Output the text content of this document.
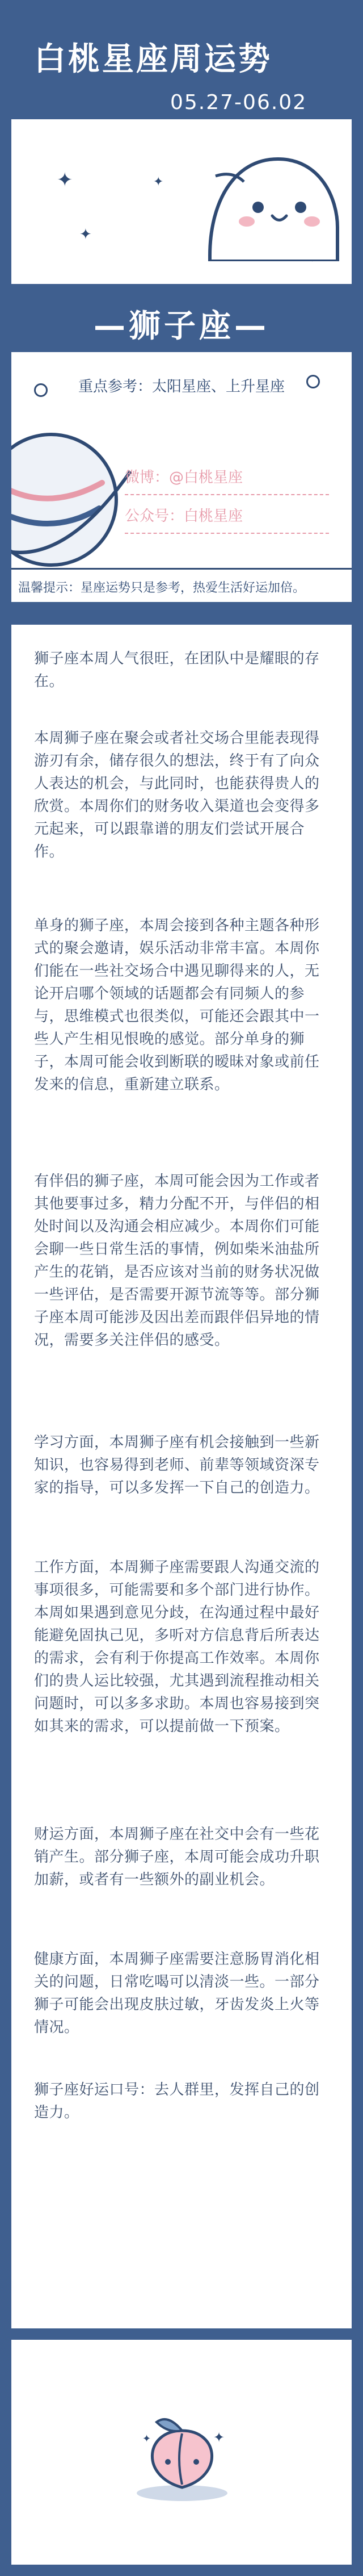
白桃星座周运势
05.27-06.02
✦
✦
✦
—狮子座—
重点参考：太阳星座、上升星座
微博：@白桃星座
公众号：白桃星座
温馨提示：星座运势只是参考，热爱生活好运加倍。
狮子座本周人气很旺，在团队中是耀眼的存在。
本周狮子座在聚会或者社交场合里能表现得游刃有余，储存很久的想法，终于有了向众人表达的机会，与此同时，也能获得贵人的欣赏。本周你们的财务收入渠道也会变得多元起来，可以跟靠谱的朋友们尝试开展合作。
单身的狮子座，本周会接到各种主题各种形式的聚会邀请，娱乐活动非常丰富。本周你们能在一些社交场合中遇见聊得来的人，无论开启哪个领域的话题都会有同频人的参与，思维模式也很类似，可能还会跟其中一些人产生相见恨晚的感觉。部分单身的狮子，本周可能会收到断联的暧昧对象或前任发来的信息，重新建立联系。
有伴侣的狮子座，本周可能会因为工作或者其他要事过多，精力分配不开，与伴侣的相处时间以及沟通会相应减少。本周你们可能会聊一些日常生活的事情，例如柴米油盐所产生的花销，是否应该对当前的财务状况做一些评估，是否需要开源节流等等。部分狮子座本周可能涉及因出差而跟伴侣异地的情况，需要多关注伴侣的感受。
学习方面，本周狮子座有机会接触到一些新知识，也容易得到老师、前辈等领域资深专家的指导，可以多发挥一下自己的创造力。
工作方面，本周狮子座需要跟人沟通交流的事项很多，可能需要和多个部门进行协作。本周如果遇到意见分歧，在沟通过程中最好能避免固执己见，多听对方信息背后所表达的需求，会有利于你提高工作效率。本周你们的贵人运比较强，尤其遇到流程推动相关问题时，可以多多求助。本周也容易接到突如其来的需求，可以提前做一下预案。
财运方面，本周狮子座在社交中会有一些花销产生。部分狮子座，本周可能会成功升职加薪，或者有一些额外的副业机会。
健康方面，本周狮子座需要注意肠胃消化相关的问题，日常吃喝可以清淡一些。一部分狮子可能会出现皮肤过敏，牙齿发炎上火等情况。
狮子座好运口号：去人群里，发挥自己的创造力。
✦
✦
@白桃星座
